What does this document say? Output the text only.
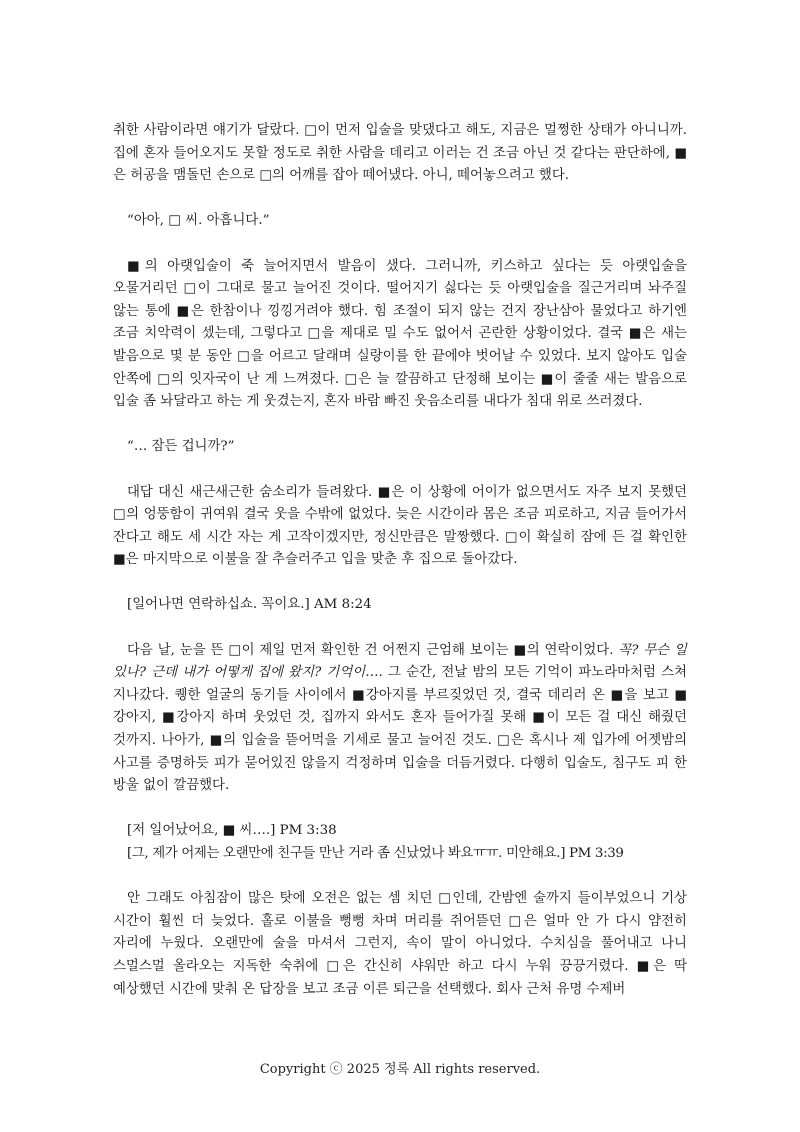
취한 사람이라면 얘기가 달랐다. □이 먼저 입술을 맞댔다고 해도, 지금은 멀쩡한 상태가 아니니까. 집에 혼자 들어오지도 못할 정도로 취한 사람을 데리고 이러는 건 조금 아닌 것 같다는 판단하에, ■은 허공을 맴돌던 손으로 □의 어깨를 잡아 떼어냈다. 아니, 떼어놓으려고 했다.

“아아, □ 씨. 아흡니다.”

■의 아랫입술이 죽 늘어지면서 발음이 샜다. 그러니까, 키스하고 싶다는 듯 아랫입술을 오물거리던 □이 그대로 물고 늘어진 것이다. 떨어지기 싫다는 듯 아랫입술을 질근거리며 놔주질 않는 통에 ■은 한참이나 낑낑거려야 했다. 힘 조절이 되지 않는 건지 장난삼아 물었다고 하기엔 조금 치악력이 셌는데, 그렇다고 □을 제대로 밀 수도 없어서 곤란한 상황이었다. 결국 ■은 새는 발음으로 몇 분 동안 □을 어르고 달래며 실랑이를 한 끝에야 벗어날 수 있었다. 보지 않아도 입술 안쪽에 □의 잇자국이 난 게 느껴졌다. □은 늘 깔끔하고 단정해 보이는 ■이 줄줄 새는 발음으로 입술 좀 놔달라고 하는 게 웃겼는지, 혼자 바람 빠진 웃음소리를 내다가 침대 위로 쓰러졌다.

“… 잠든 겁니까?”

대답 대신 새근새근한 숨소리가 들려왔다. ■은 이 상황에 어이가 없으면서도 자주 보지 못했던 □의 엉뚱함이 귀여워 결국 웃을 수밖에 없었다. 늦은 시간이라 몸은 조금 피로하고, 지금 들어가서 잔다고 해도 세 시간 자는 게 고작이겠지만, 정신만큼은 말짱했다. □이 확실히 잠에 든 걸 확인한 ■은 마지막으로 이불을 잘 추슬러주고 입을 맞춘 후 집으로 돌아갔다.

[일어나면 연락하십쇼. 꼭이요.] AM 8:24

다음 날, 눈을 뜬 □이 제일 먼저 확인한 건 어쩐지 근엄해 보이는 ■의 연락이었다. 꼭? 무슨 일 있나? 근데 내가 어떻게 집에 왔지? 기억이…. 그 순간, 전날 밤의 모든 기억이 파노라마처럼 스쳐 지나갔다. 퀭한 얼굴의 동기들 사이에서 ■강아지를 부르짖었던 것, 결국 데리러 온 ■을 보고 ■강아지, ■강아지 하며 웃었던 것, 집까지 와서도 혼자 들어가질 못해 ■이 모든 걸 대신 해줬던 것까지. 나아가, ■의 입술을 뜯어먹을 기세로 물고 늘어진 것도. □은 혹시나 제 입가에 어젯밤의 사고를 증명하듯 피가 묻어있진 않을지 걱정하며 입술을 더듬거렸다. 다행히 입술도, 침구도 피 한 방울 없이 깔끔했다.

[저 일어났어요, ■ 씨….] PM 3:38

[그, 제가 어제는 오랜만에 친구들 만난 거라 좀 신났었나 봐요ㅠㅠ. 미안해요.] PM 3:39

안 그래도 아침잠이 많은 탓에 오전은 없는 셈 치던 □인데, 간밤엔 술까지 들이부었으니 기상 시간이 훨씬 더 늦었다. 홀로 이불을 뻥뻥 차며 머리를 쥐어뜯던 □은 얼마 안 가 다시 얌전히 자리에 누웠다. 오랜만에 술을 마셔서 그런지, 속이 말이 아니었다. 수치심을 풀어내고 나니 스멀스멀 올라오는 지독한 숙취에 □은 간신히 샤워만 하고 다시 누워 끙끙거렸다. ■은 딱 예상했던 시간에 맞춰 온 답장을 보고 조금 이른 퇴근을 선택했다. 회사 근처 유명 수제버

Copyright ⓒ 2025 정록 All rights reserved.
